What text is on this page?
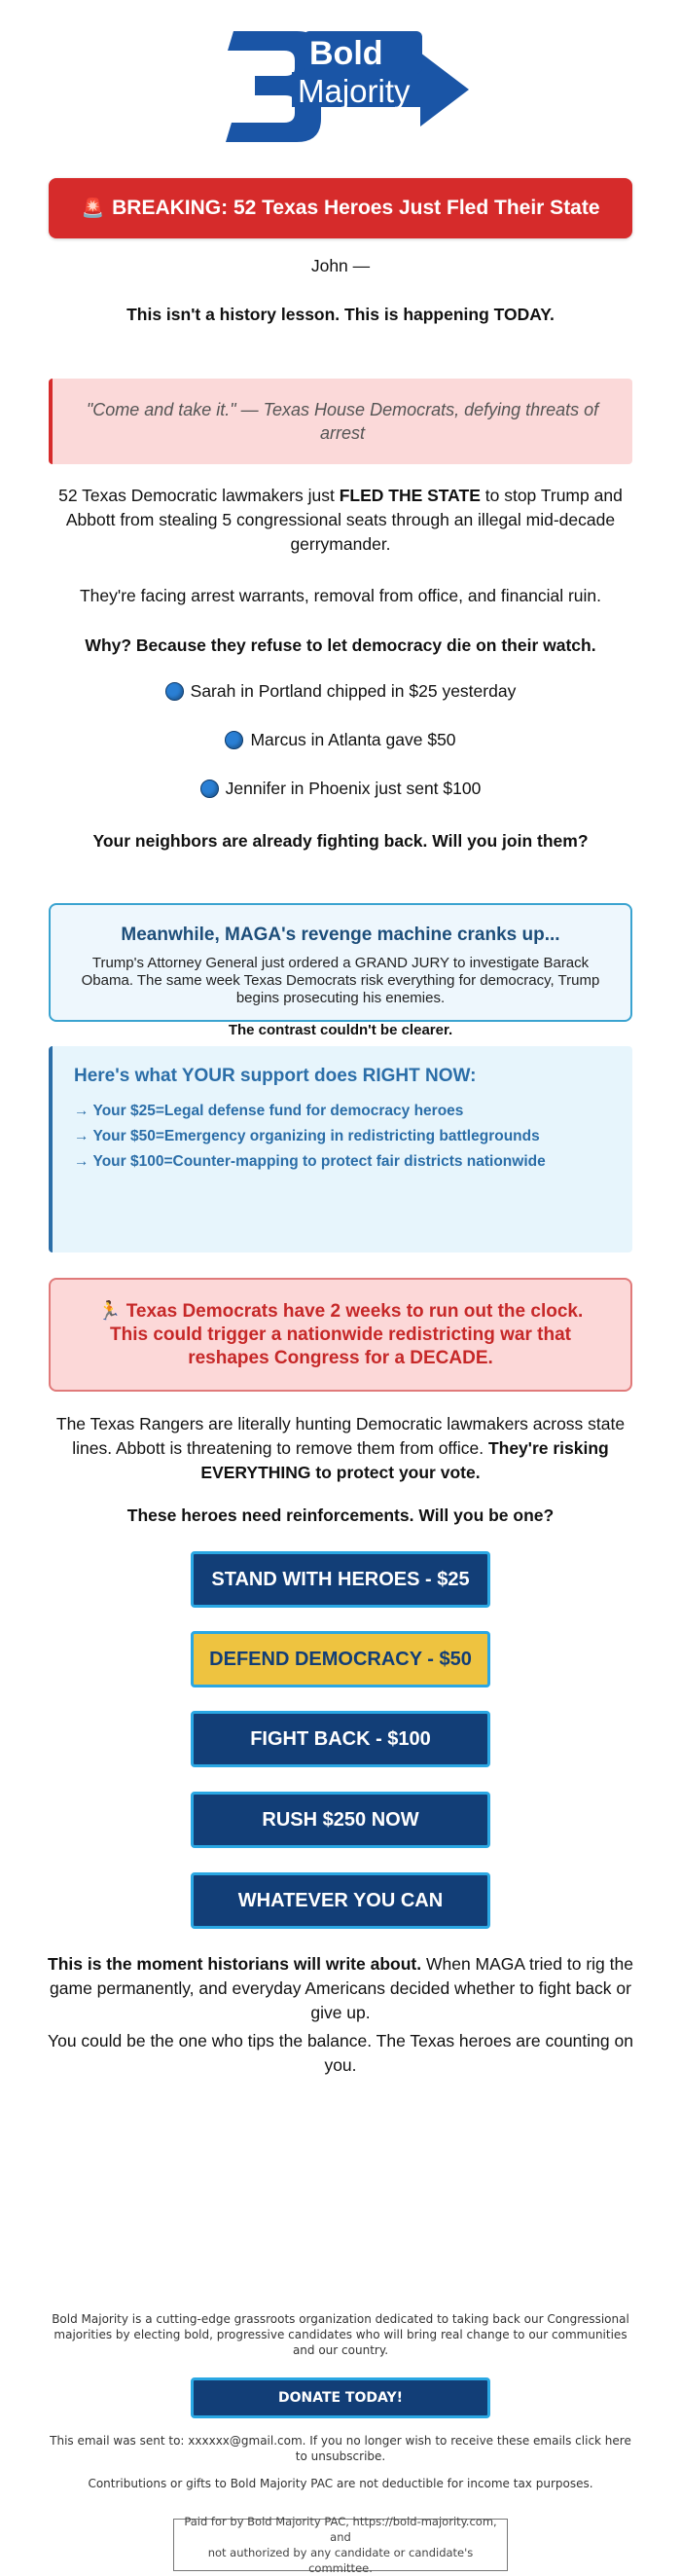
Bold
Majority
🚨 BREAKING: 52 Texas Heroes Just Fled Their State
John —
This isn't a history lesson. This is happening TODAY.
"Come and take it." — Texas House Democrats, defying threats of arrest
52 Texas Democratic lawmakers just FLED THE STATE to stop Trump and Abbott from stealing 5 congressional seats through an illegal mid-decade gerrymander.
They're facing arrest warrants, removal from office, and financial ruin.
Why? Because they refuse to let democracy die on their watch.
Sarah in Portland chipped in $25 yesterday
Marcus in Atlanta gave $50
Jennifer in Phoenix just sent $100
Your neighbors are already fighting back. Will you join them?
Meanwhile, MAGA's revenge machine cranks up...
Trump's Attorney General just ordered a GRAND JURY to investigate Barack Obama. The same week Texas Democrats risk everything for democracy, Trump begins prosecuting his enemies.
The contrast couldn't be clearer.
Here's what YOUR support does RIGHT NOW:
→ Your $25=Legal defense fund for democracy heroes
→ Your $50=Emergency organizing in redistricting battlegrounds
→ Your $100=Counter-mapping to protect fair districts nationwide
🏃 Texas Democrats have 2 weeks to run out the clock. This could trigger a nationwide redistricting war that reshapes Congress for a DECADE.
The Texas Rangers are literally hunting Democratic lawmakers across state lines. Abbott is threatening to remove them from office. They're risking EVERYTHING to protect your vote.
These heroes need reinforcements. Will you be one?
STAND WITH HEROES - $25
DEFEND DEMOCRACY - $50
FIGHT BACK - $100
RUSH $250 NOW
WHATEVER YOU CAN
This is the moment historians will write about. When MAGA tried to rig the game permanently, and everyday Americans decided whether to fight back or give up.
You could be the one who tips the balance. The Texas heroes are counting on you.
Bold Majority is a cutting-edge grassroots organization dedicated to taking back our Congressional majorities by electing bold, progressive candidates who will bring real change to our communities and our country.
DONATE TODAY!
This email was sent to: xxxxxx@gmail.com. If you no longer wish to receive these emails click here to unsubscribe.
Contributions or gifts to Bold Majority PAC are not deductible for income tax purposes.
Paid for by Bold Majority PAC, https://bold-majority.com, and
not authorized by any candidate or candidate's committee.
